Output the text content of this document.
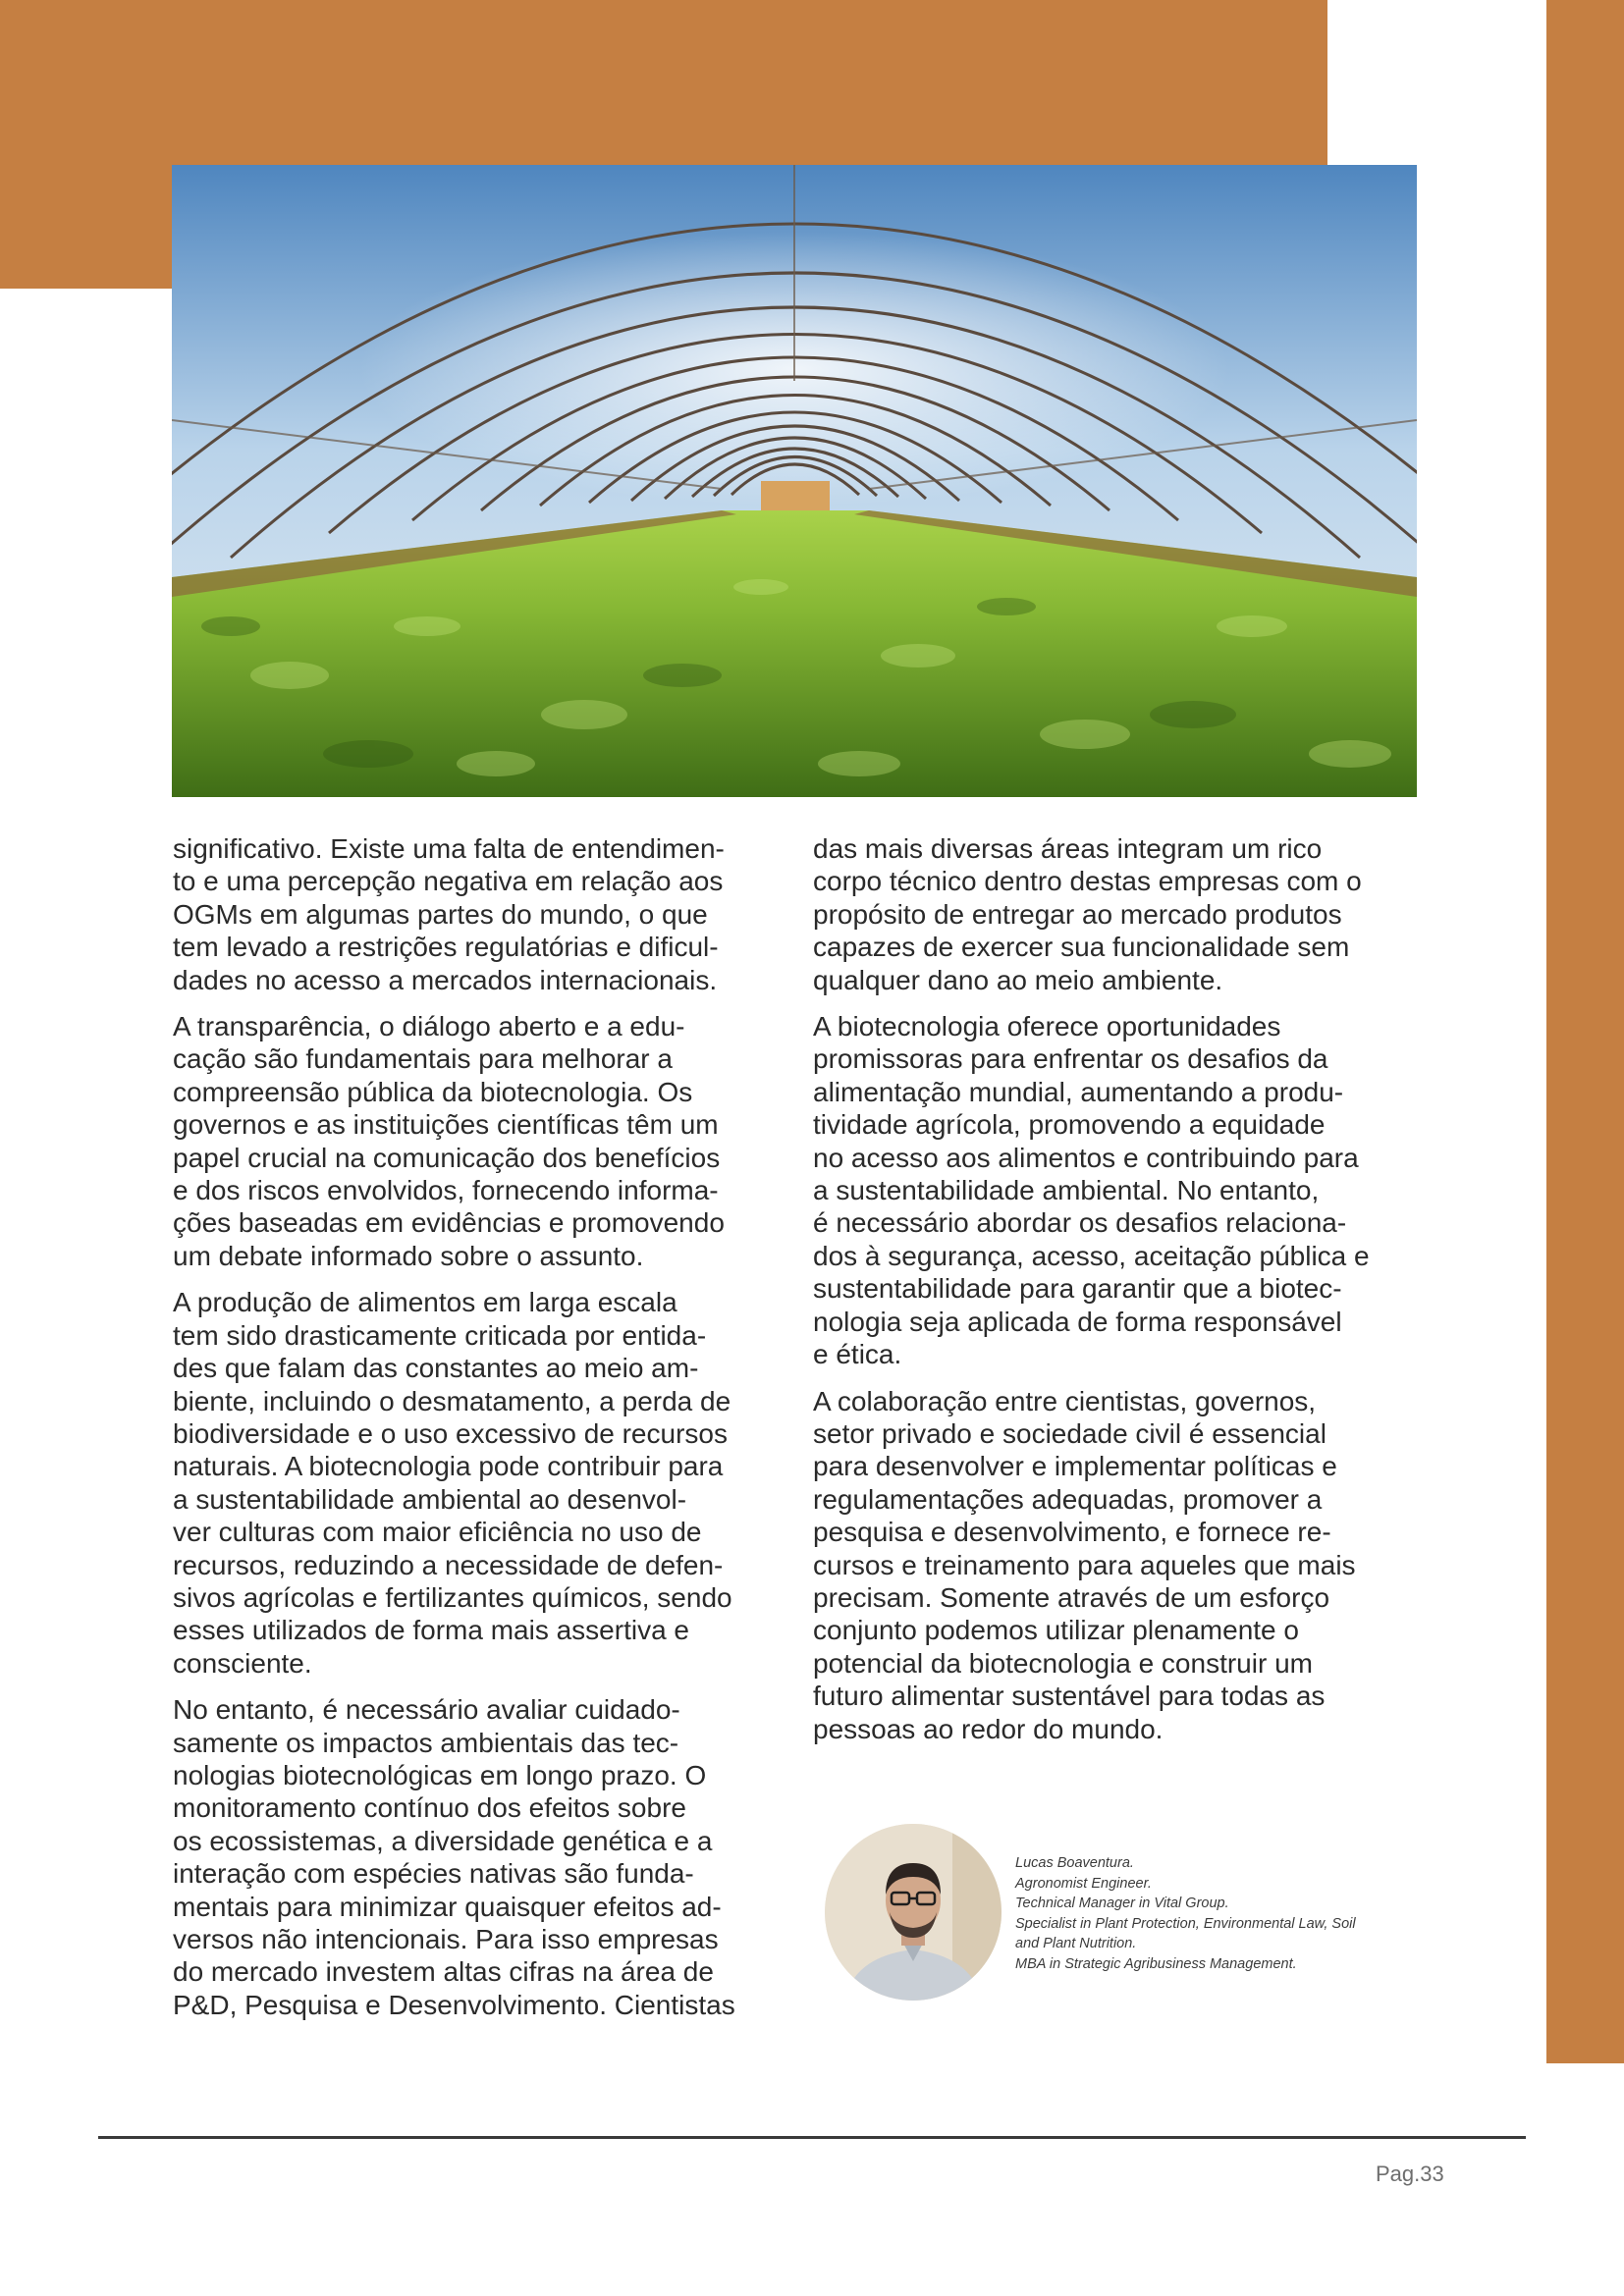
significativo. Existe uma falta de entendimen-
to e uma percepção negativa em relação aos
OGMs em algumas partes do mundo, o que
tem levado a restrições regulatórias e dificul-
dades no acesso a mercados internacionais.

A transparência, o diálogo aberto e a edu-
cação são fundamentais para melhorar a
compreensão pública da biotecnologia. Os
governos e as instituições científicas têm um
papel crucial na comunicação dos benefícios
e dos riscos envolvidos, fornecendo informa-
ções baseadas em evidências e promovendo
um debate informado sobre o assunto.

A produção de alimentos em larga escala
tem sido drasticamente criticada por entida-
des que falam das constantes ao meio am-
biente, incluindo o desmatamento, a perda de
biodiversidade e o uso excessivo de recursos
naturais. A biotecnologia pode contribuir para
a sustentabilidade ambiental ao desenvol-
ver culturas com maior eficiência no uso de
recursos, reduzindo a necessidade de defen-
sivos agrícolas e fertilizantes químicos, sendo
esses utilizados de forma mais assertiva e
consciente.

No entanto, é necessário avaliar cuidado-
samente os impactos ambientais das tec-
nologias biotecnológicas em longo prazo. O
monitoramento contínuo dos efeitos sobre
os ecossistemas, a diversidade genética e a
interação com espécies nativas são funda-
mentais para minimizar quaisquer efeitos ad-
versos não intencionais. Para isso empresas
do mercado investem altas cifras na área de
P&D, Pesquisa e Desenvolvimento. Cientistas

das mais diversas áreas integram um rico
corpo técnico dentro destas empresas com o
propósito de entregar ao mercado produtos
capazes de exercer sua funcionalidade sem
qualquer dano ao meio ambiente.

A biotecnologia oferece oportunidades
promissoras para enfrentar os desafios da
alimentação mundial, aumentando a produ-
tividade agrícola, promovendo a equidade
no acesso aos alimentos e contribuindo para
a sustentabilidade ambiental. No entanto,
é necessário abordar os desafios relaciona-
dos à segurança, acesso, aceitação pública e
sustentabilidade para garantir que a biotec-
nologia seja aplicada de forma responsável
e ética.

A colaboração entre cientistas, governos,
setor privado e sociedade civil é essencial
para desenvolver e implementar políticas e
regulamentações adequadas, promover a
pesquisa e desenvolvimento, e fornece re-
cursos e treinamento para aqueles que mais
precisam. Somente através de um esforço
conjunto podemos utilizar plenamente o
potencial da biotecnologia e construir um
futuro alimentar sustentável para todas as
pessoas ao redor do mundo.

Lucas Boaventura.
Agronomist Engineer.
Technical Manager in Vital Group.
Specialist in Plant Protection, Environmental Law, Soil
and Plant Nutrition.
MBA in Strategic Agribusiness Management.
Pag.33
